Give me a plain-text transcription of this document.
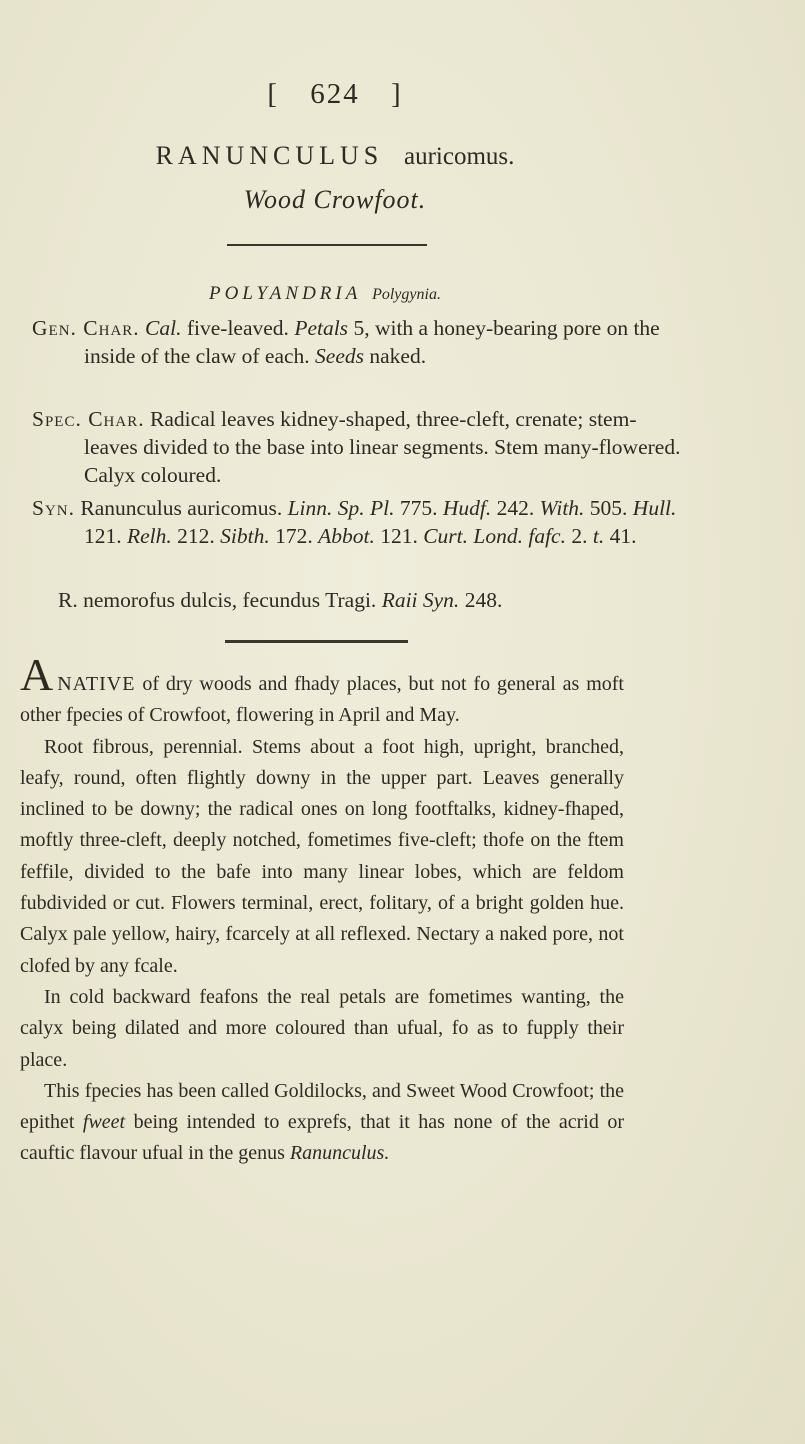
[ 624 ]
RANUNCULUS auricomus.
Wood Crowfoot.
POLYANDRIA Polygynia.
Gen. Char. Cal. five-leaved. Petals 5, with a honey-bearing pore on the inside of the claw of each. Seeds naked.
Spec. Char. Radical leaves kidney-shaped, three-cleft, crenate; stem-leaves divided to the base into linear segments. Stem many-flowered. Calyx coloured.
Syn. Ranunculus auricomus. Linn. Sp. Pl. 775. Hudf. 242. With. 505. Hull. 121. Relh. 212. Sibth. 172. Abbot. 121. Curt. Lond. fafc. 2. t. 41.
R. nemorofus dulcis, fecundus Tragi. Raii Syn. 248.

ANATIVE of dry woods and fhady places, but not fo general as moft other fpecies of Crowfoot, flowering in April and May.

Root fibrous, perennial. Stems about a foot high, upright, branched, leafy, round, often flightly downy in the upper part. Leaves generally inclined to be downy; the radical ones on long footftalks, kidney-fhaped, moftly three-cleft, deeply notched, fometimes five-cleft; thofe on the ftem feffile, divided to the bafe into many linear lobes, which are feldom fubdivided or cut. Flowers terminal, erect, folitary, of a bright golden hue. Calyx pale yellow, hairy, fcarcely at all reflexed. Nectary a naked pore, not clofed by any fcale.

In cold backward feafons the real petals are fometimes wanting, the calyx being dilated and more coloured than ufual, fo as to fupply their place.

This fpecies has been called Goldilocks, and Sweet Wood Crowfoot; the epithet fweet being intended to exprefs, that it has none of the acrid or cauftic flavour ufual in the genus Ranunculus.
